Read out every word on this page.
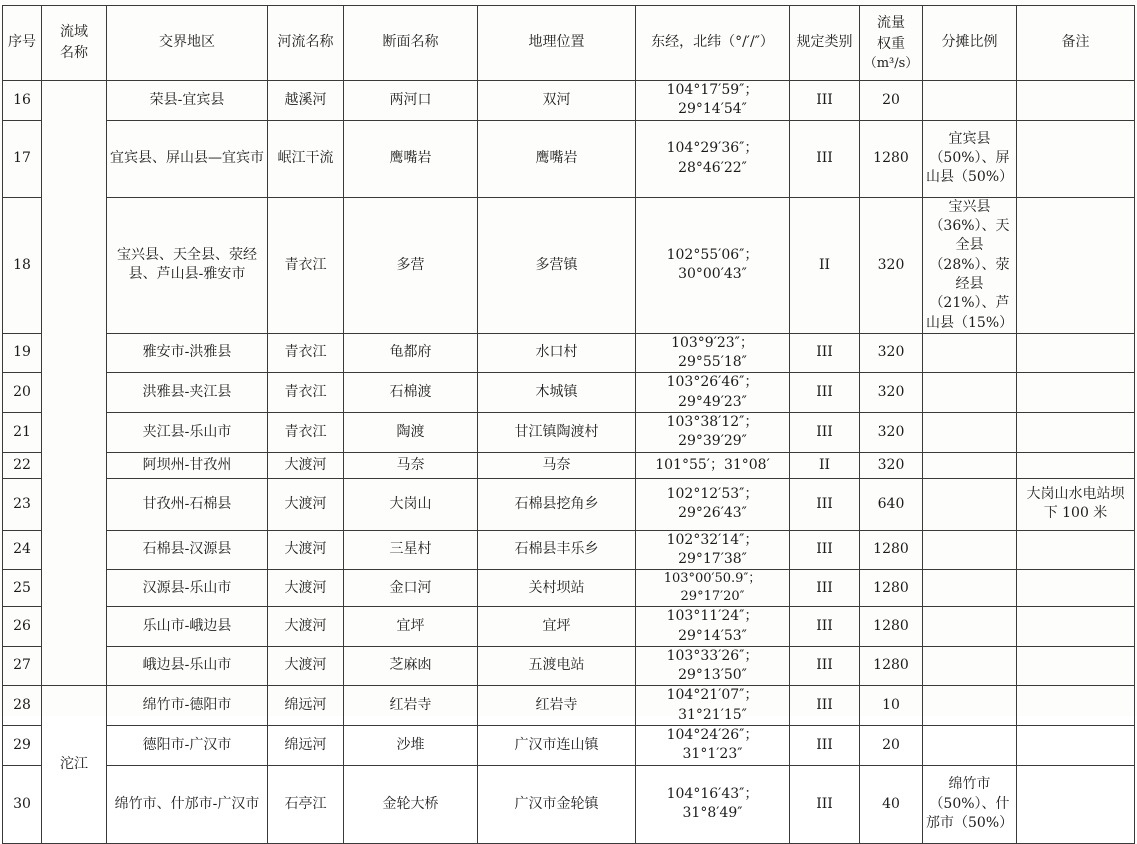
序号	流域名称	交界地区	河流名称	断面名称	地理位置	东经，北纬（°/′/″）	规定类别	流量权重
（m³/s）	分摊比例	备注
16		荣县-宜宾县	越溪河	两河口	双河	104°17′59″；29°14′54″	III	20		
17		宜宾县、屏山县—宜宾市	岷江干流	鹰嘴岩	鹰嘴岩	104°29′36″；28°46′22″	III	1280	宜宾县（50%）、屏山县（50%）	
18		宝兴县、天全县、荥经县、芦山县-雅安市	青衣江	多营	多营镇	102°55′06″；30°00′43″	II	320	宝兴县（36%）、天全县（28%）、荥经县（21%）、芦山县（15%）	
19		雅安市-洪雅县	青衣江	龟都府	水口村	103°9′23″；29°55′18″	III	320		
20		洪雅县-夹江县	青衣江	石棉渡	木城镇	103°26′46″；29°49′23″	III	320		
21		夹江县-乐山市	青衣江	陶渡	甘江镇陶渡村	103°38′12″；29°39′29″	III	320		
22		阿坝州-甘孜州	大渡河	马奈	马奈	101°55′；31°08′	II	320		
23		甘孜州-石棉县	大渡河	大岗山	石棉县挖角乡	102°12′53″；29°26′43″	III	640		大岗山水电站坝下 100 米
24		石棉县-汉源县	大渡河	三星村	石棉县丰乐乡	102°32′14″；29°17′38″	III	1280		
25		汉源县-乐山市	大渡河	金口河	关村坝站	103°00′50.9″；29°17′20″	III	1280		
26		乐山市-峨边县	大渡河	宜坪	宜坪	103°11′24″；29°14′53″	III	1280		
27		峨边县-乐山市	大渡河	芝麻凼	五渡电站	103°33′26″；29°13′50″	III	1280		
28	沱江	绵竹市-德阳市	绵远河	红岩寺	红岩寺	104°21′07″；31°21′15″	III	10		
29		德阳市-广汉市	绵远河	沙堆	广汉市连山镇	104°24′26″；31°1′23″	III	20		
30		绵竹市、什邡市-广汉市	石亭江	金轮大桥	广汉市金轮镇	104°16′43″；31°8′49″	III	40	绵竹市（50%）、什邡市（50%）	
